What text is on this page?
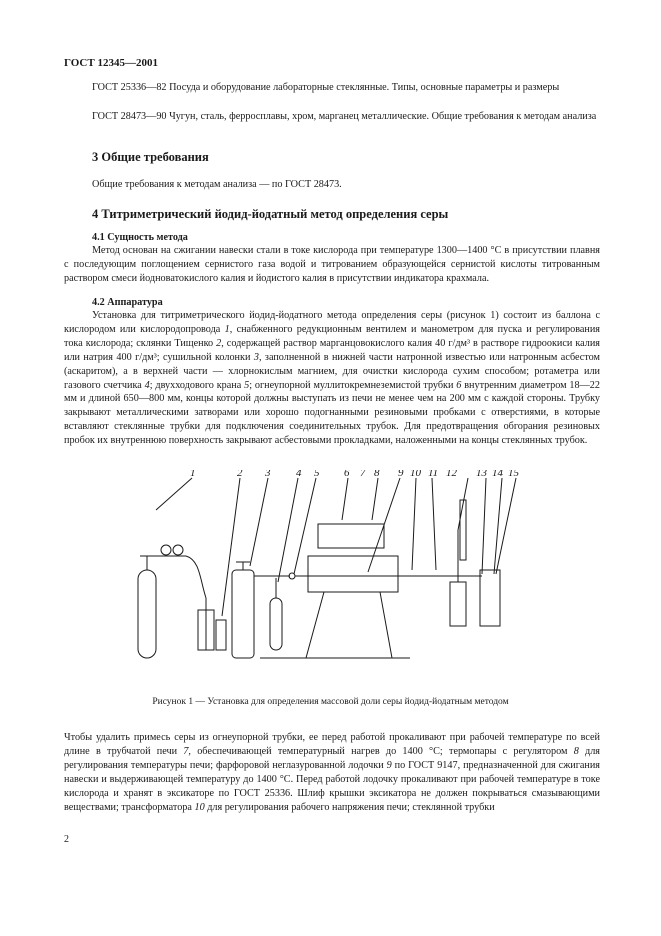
ГОСТ 12345—2001

ГОСТ 25336—82 Посуда и оборудование лабораторные стеклянные. Типы, основные параметры и размеры

ГОСТ 28473—90 Чугун, сталь, ферросплавы, хром, марганец металлические. Общие требования к методам анализа

3 Общие требования

Общие требования к методам анализа — по ГОСТ 28473.

4 Титриметрический йодид-йодатный метод определения серы
4.1 Сущность метода

Метод основан на сжигании навески стали в токе кислорода при температуре 1300—1400 °С в присутствии плавня с последующим поглощением сернистого газа водой и титрованием образующейся сернистой кислоты титрованным раствором смеси йодноватокислого калия и йодистого калия в присутствии индикатора крахмала.

4.2 Аппаратура

Установка для титриметрического йодид-йодатного метода определения серы (рисунок 1) состоит из баллона с кислородом или кислородопровода 1, снабженного редукционным вентилем и манометром для пуска и регулирования тока кислорода; склянки Тищенко 2, содержащей раствор марганцовокислого калия 40 г/дм³ в растворе гидроокиси калия или натрия 400 г/дм³; сушильной колонки 3, заполненной в нижней части натронной известью или натронным асбестом (аскаритом), а в верхней части — хлорнокислым магнием, для очистки кислорода сухим способом; ротаметра или газового счетчика 4; двухходового крана 5; огнеупорной муллитокремнеземистой трубки 6 внутренним диаметром 18—22 мм и длиной 650—800 мм, концы которой должны выступать из печи не менее чем на 200 мм с каждой стороны. Трубку закрывают металлическими затворами или хорошо подогнанными резиновыми пробками с отверстиями, в которые вставляют стеклянные трубки для подключения соединительных трубок. Для предотвращения обгорания резиновых пробок их внутреннюю поверхность закрывают асбестовыми прокладками, наложенными на концы стеклянных трубок.

1	2 3 4 5 6 7 8 9 10 11 12 13 14 15
Рисунок 1 — Установка для определения массовой доли серы йодид-йодатным методом

Чтобы удалить примесь серы из огнеупорной трубки, ее перед работой прокаливают при рабочей температуре по всей длине в трубчатой печи 7, обеспечивающей температурный нагрев до 1400 °С; термопары с регулятором 8 для регулирования температуры печи; фарфоровой неглазурованной лодочки 9 по ГОСТ 9147, предназначенной для сжигания навески и выдерживающей температуру до 1400 °С. Перед работой лодочку прокаливают при рабочей температуре в токе кислорода и хранят в эксикаторе по ГОСТ 25336. Шлиф крышки эксикатора не должен покрываться смазывающими веществами; трансформатора 10 для регулирования рабочего напряжения печи; стеклянной трубки

2
